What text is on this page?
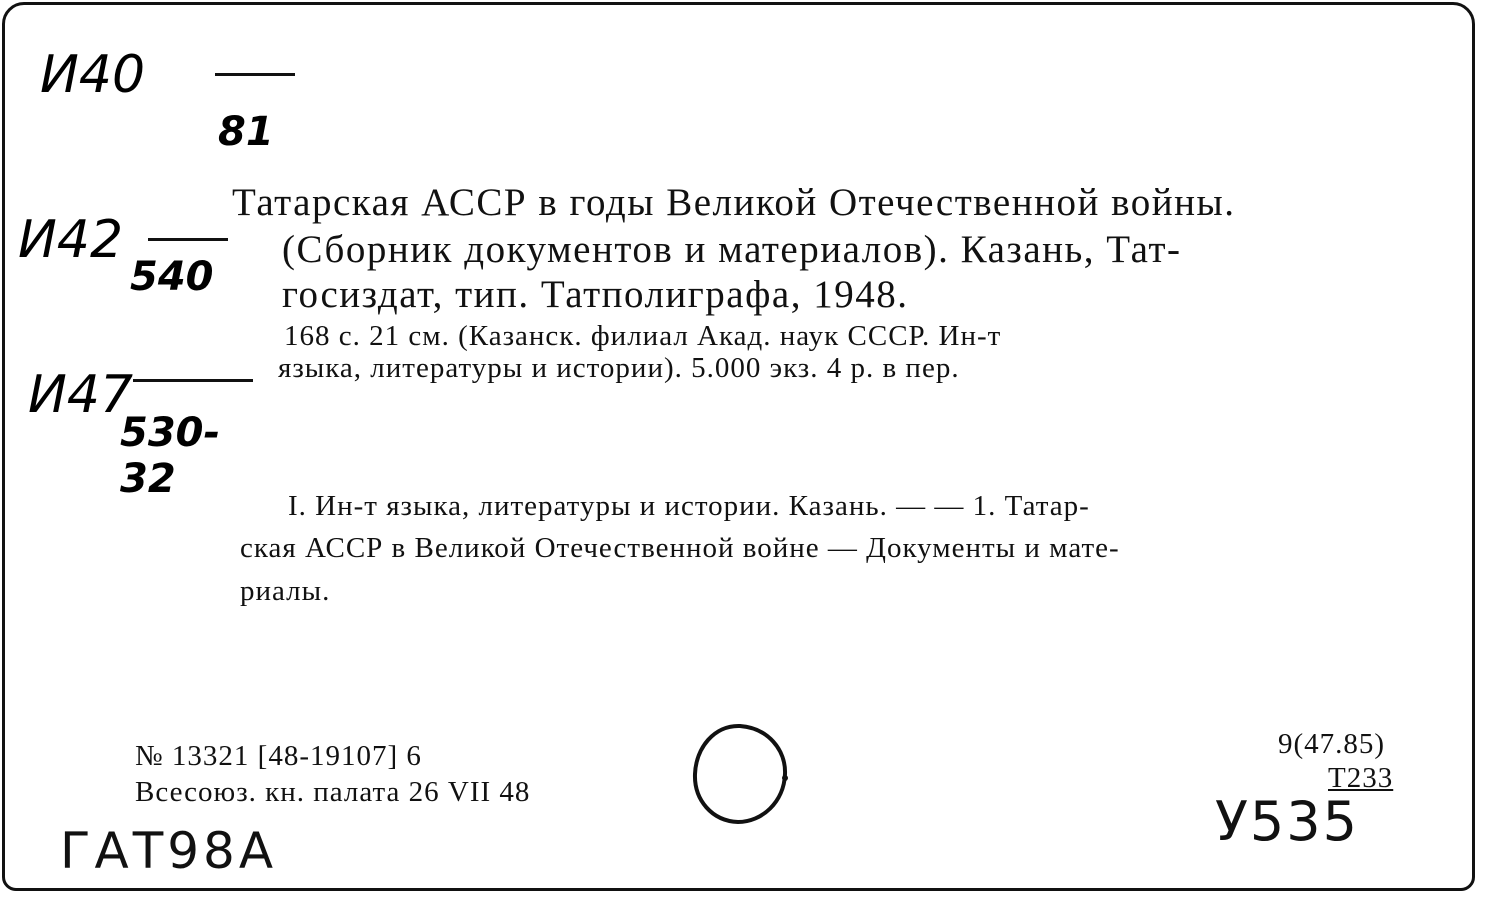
И40
81
И42
540
И47
530-32
Татарская АССР в годы Великой Отечественной войны.
(Сборник документов и материалов). Казань, Тат-
госиздат, тип. Татполиграфа, 1948.
168 с. 21 см. (Казанск. филиал Акад. наук СССР. Ин-т
языка, литературы и истории). 5.000 экз. 4 р. в пер.
I. Ин-т языка, литературы и истории. Казань. — — 1. Татар-
ская АССР в Великой Отечественной войне — Документы и мате-
риалы.
№ 13321 [48-19107] 6
Всесоюз. кн. палата 26 VII 48
9(47.85)
Т233
У535
ГАТ98А
